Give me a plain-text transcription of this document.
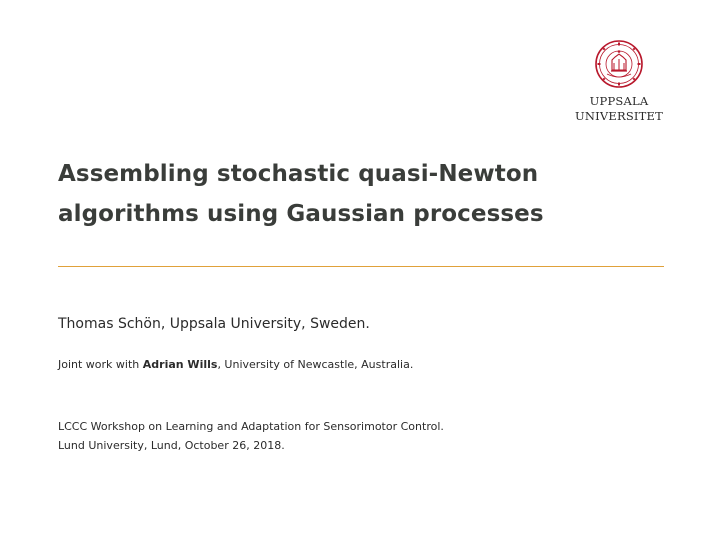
UPPSALA
UNIVERSITET
Assembling stochastic quasi-Newton
algorithms using Gaussian processes
Thomas Schön, Uppsala University, Sweden.
Joint work with Adrian Wills, University of Newcastle, Australia.
LCCC Workshop on Learning and Adaptation for Sensorimotor Control.
Lund University, Lund, October 26, 2018.
